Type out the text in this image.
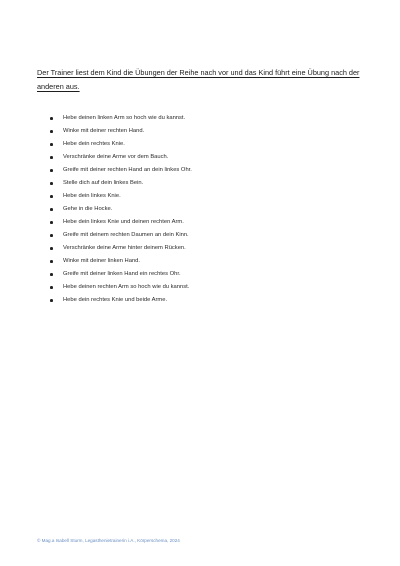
Der Trainer liest dem Kind die Übungen der Reihe nach vor und das Kind führt eine Übung nach der anderen aus.

Hebe deinen linken Arm so hoch wie du kannst.
Winke mit deiner rechten Hand.
Hebe dein rechtes Knie.
Verschränke deine Arme vor dem Bauch.
Greife mit deiner rechten Hand an dein linkes Ohr.
Stelle dich auf dein linkes Bein.
Hebe dein linkes Knie.
Gehe in die Hocke.
Hebe dein linkes Knie und deinen rechten Arm.
Greife mit deinem rechten Daumen an dein Kinn.
Verschränke deine Arme hinter deinem Rücken.
Winke mit deiner linken Hand.
Greife mit deiner linken Hand ein rechtes Ohr.
Hebe deinen rechten Arm so hoch wie du kannst.
Hebe dein rechtes Knie und beide Arme.

© Mag.a Isabell Sturm, Legasthenietrainerin i.A., Körperschema, 2024
